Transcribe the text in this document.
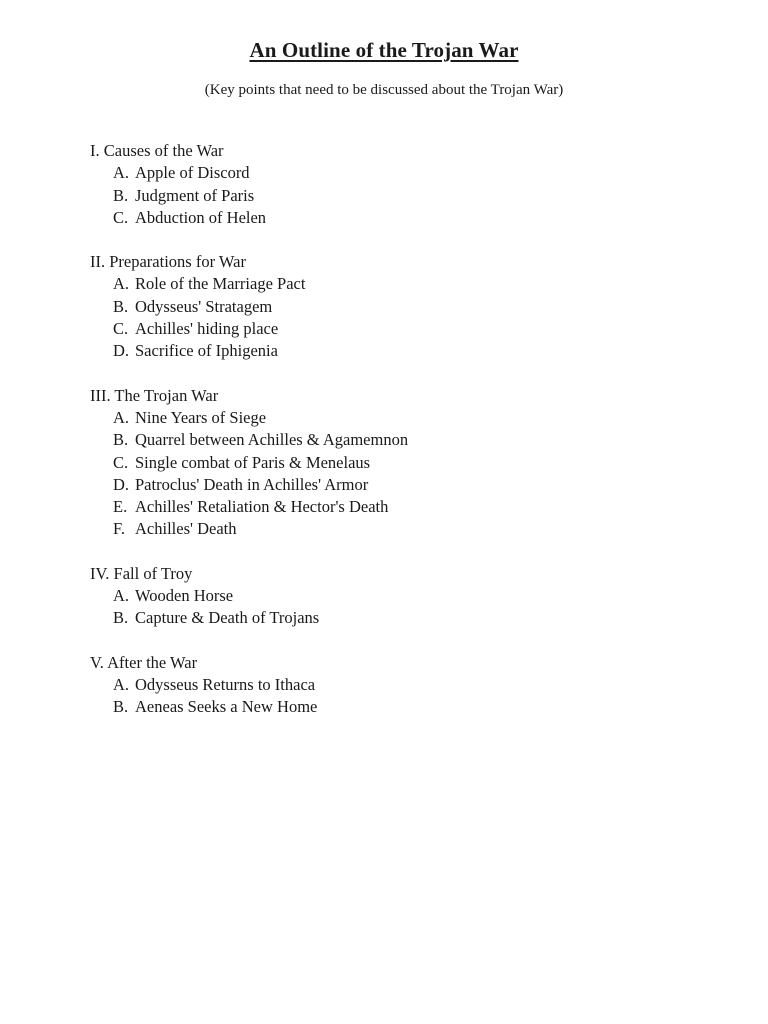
An Outline of the Trojan War
(Key points that need to be discussed about the Trojan War)
I. Causes of the War
A. Apple of Discord
B. Judgment of Paris
C. Abduction of Helen
II. Preparations for War
A. Role of the Marriage Pact
B. Odysseus' Stratagem
C. Achilles' hiding place
D. Sacrifice of Iphigenia
III. The Trojan War
A. Nine Years of Siege
B. Quarrel between Achilles & Agamemnon
C. Single combat of Paris & Menelaus
D. Patroclus' Death in Achilles' Armor
E. Achilles' Retaliation & Hector's Death
F. Achilles' Death
IV. Fall of Troy
A. Wooden Horse
B. Capture & Death of Trojans
V. After the War
A. Odysseus Returns to Ithaca
B. Aeneas Seeks a New Home
